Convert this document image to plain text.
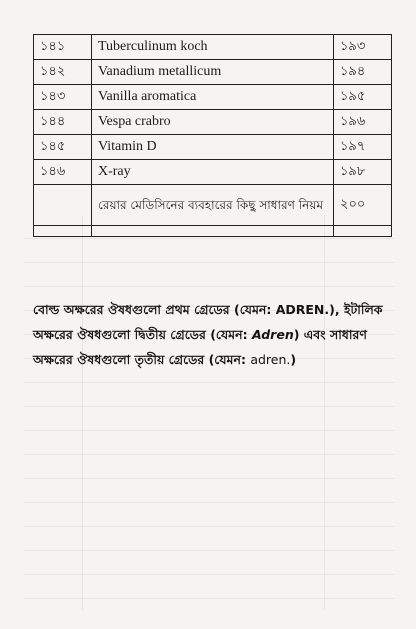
১৪১	Tuberculinum koch	১৯৩
১৪২	Vanadium metallicum	১৯৪
১৪৩	Vanilla aromatica	১৯৫
১৪৪	Vespa crabro	১৯৬
১৪৫	Vitamin D	১৯৭
১৪৬	X-ray	১৯৮
	রেয়ার মেডিসিনের ব্যবহারের কিছু সাধারণ নিয়ম	২০০

বোল্ড অক্ষরের ঔষধগুলো প্রথম গ্রেডের (যেমন: ADREN.), ইটালিক অক্ষরের ঔষধগুলো দ্বিতীয় গ্রেডের (যেমন: Adren) এবং সাধারণ অক্ষরের ঔষধগুলো তৃতীয় গ্রেডের (যেমন: adren.)
